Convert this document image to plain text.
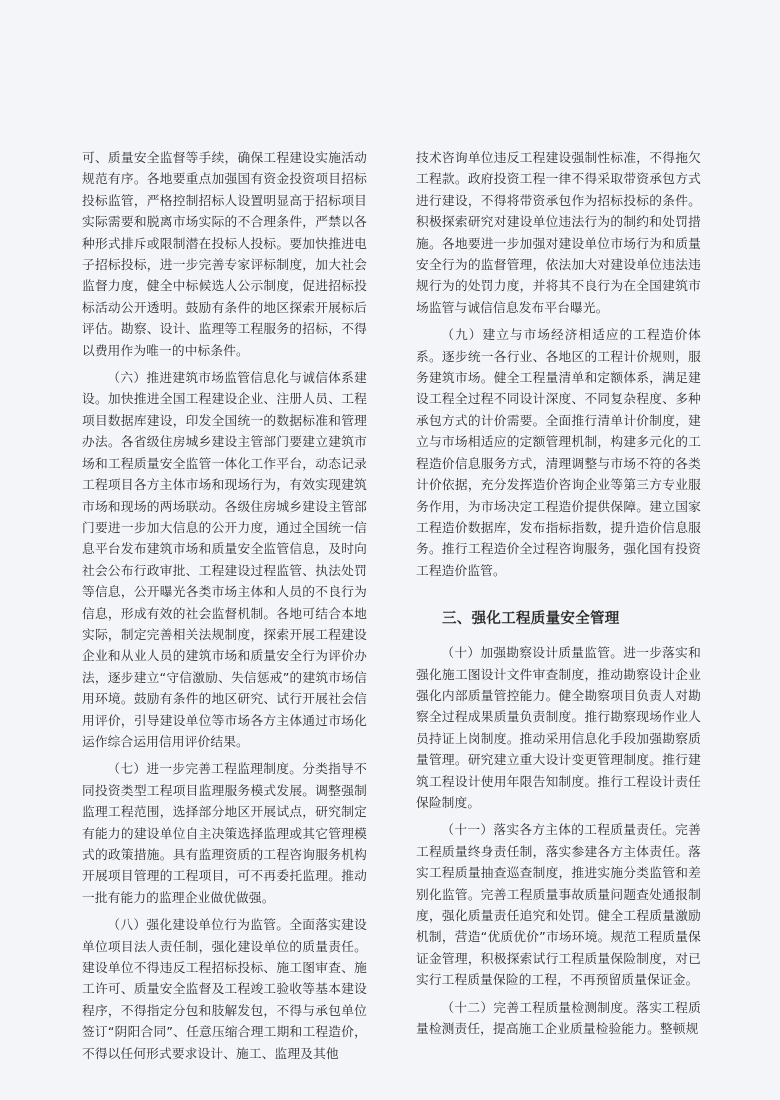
可、质量安全监督等手续，确保工程建设实施活动规范有序。各地要重点加强国有资金投资项目招标投标监管，严格控制招标人设置明显高于招标项目实际需要和脱离市场实际的不合理条件，严禁以各种形式排斥或限制潜在投标人投标。要加快推进电子招标投标，进一步完善专家评标制度，加大社会监督力度，健全中标候选人公示制度，促进招标投标活动公开透明。鼓励有条件的地区探索开展标后评估。勘察、设计、监理等工程服务的招标，不得以费用作为唯一的中标条件。

（六）推进建筑市场监管信息化与诚信体系建设。加快推进全国工程建设企业、注册人员、工程项目数据库建设，印发全国统一的数据标准和管理办法。各省级住房城乡建设主管部门要建立建筑市场和工程质量安全监管一体化工作平台，动态记录工程项目各方主体市场和现场行为，有效实现建筑市场和现场的两场联动。各级住房城乡建设主管部门要进一步加大信息的公开力度，通过全国统一信息平台发布建筑市场和质量安全监管信息，及时向社会公布行政审批、工程建设过程监管、执法处罚等信息，公开曝光各类市场主体和人员的不良行为信息，形成有效的社会监督机制。各地可结合本地实际，制定完善相关法规制度，探索开展工程建设企业和从业人员的建筑市场和质量安全行为评价办法，逐步建立“守信激励、失信惩戒”的建筑市场信用环境。鼓励有条件的地区研究、试行开展社会信用评价，引导建设单位等市场各方主体通过市场化运作综合运用信用评价结果。

（七）进一步完善工程监理制度。分类指导不同投资类型工程项目监理服务模式发展。调整强制监理工程范围，选择部分地区开展试点，研究制定有能力的建设单位自主决策选择监理或其它管理模式的政策措施。具有监理资质的工程咨询服务机构开展项目管理的工程项目，可不再委托监理。推动一批有能力的监理企业做优做强。

（八）强化建设单位行为监管。全面落实建设单位项目法人责任制，强化建设单位的质量责任。建设单位不得违反工程招标投标、施工图审查、施工许可、质量安全监督及工程竣工验收等基本建设程序，不得指定分包和肢解发包，不得与承包单位签订“阴阳合同”、任意压缩合理工期和工程造价，不得以任何形式要求设计、施工、监理及其他

技术咨询单位违反工程建设强制性标准，不得拖欠工程款。政府投资工程一律不得采取带资承包方式进行建设，不得将带资承包作为招标投标的条件。积极探索研究对建设单位违法行为的制约和处罚措施。各地要进一步加强对建设单位市场行为和质量安全行为的监督管理，依法加大对建设单位违法违规行为的处罚力度，并将其不良行为在全国建筑市场监管与诚信信息发布平台曝光。

（九）建立与市场经济相适应的工程造价体系。逐步统一各行业、各地区的工程计价规则，服务建筑市场。健全工程量清单和定额体系，满足建设工程全过程不同设计深度、不同复杂程度、多种承包方式的计价需要。全面推行清单计价制度，建立与市场相适应的定额管理机制，构建多元化的工程造价信息服务方式，清理调整与市场不符的各类计价依据，充分发挥造价咨询企业等第三方专业服务作用，为市场决定工程造价提供保障。建立国家工程造价数据库，发布指标指数，提升造价信息服务。推行工程造价全过程咨询服务，强化国有投资工程造价监管。

三、强化工程质量安全管理

（十）加强勘察设计质量监管。进一步落实和强化施工图设计文件审查制度，推动勘察设计企业强化内部质量管控能力。健全勘察项目负责人对勘察全过程成果质量负责制度。推行勘察现场作业人员持证上岗制度。推动采用信息化手段加强勘察质量管理。研究建立重大设计变更管理制度。推行建筑工程设计使用年限告知制度。推行工程设计责任保险制度。

（十一）落实各方主体的工程质量责任。完善工程质量终身责任制，落实参建各方主体责任。落实工程质量抽查巡查制度，推进实施分类监管和差别化监管。完善工程质量事故质量问题查处通报制度，强化质量责任追究和处罚。健全工程质量激励机制，营造“优质优价”市场环境。规范工程质量保证金管理，积极探索试行工程质量保险制度，对已实行工程质量保险的工程，不再预留质量保证金。

（十二）完善工程质量检测制度。落实工程质量检测责任，提高施工企业质量检验能力。整顿规
